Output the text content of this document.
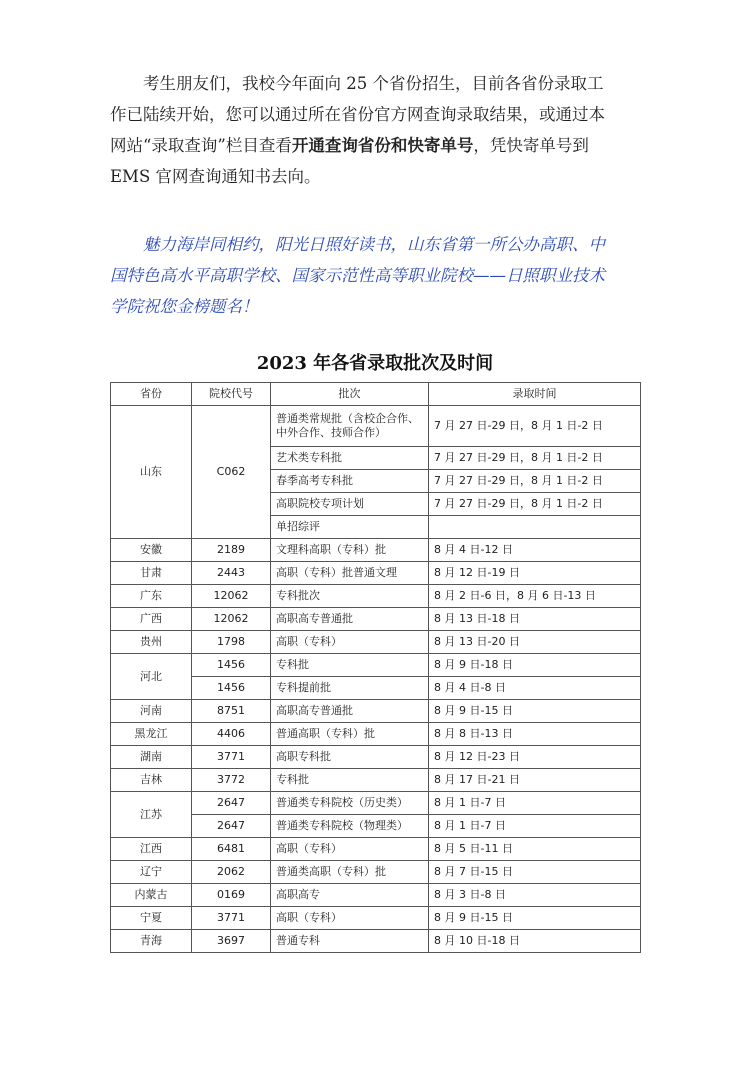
考生朋友们，我校今年面向 25 个省份招生，目前各省份录取工
作已陆续开始，您可以通过所在省份官方网查询录取结果，或通过本
网站“录取查询”栏目查看开通查询省份和快寄单号，凭快寄单号到
EMS 官网查询通知书去向。
魅力海岸同相约，阳光日照好读书，山东省第一所公办高职、中
国特色高水平高职学校、国家示范性高等职业院校——日照职业技术
学院祝您金榜题名！
2023 年各省录取批次及时间
省份	院校代号	批次	录取时间
山东	C062	普通类常规批（含校企合作、中外合作、技师合作）	7 月 27 日-29 日，8 月 1 日-2 日
		艺术类专科批	7 月 27 日-29 日，8 月 1 日-2 日
		春季高考专科批	7 月 27 日-29 日，8 月 1 日-2 日
		高职院校专项计划	7 月 27 日-29 日，8 月 1 日-2 日
		单招综评	
安徽	2189	文理科高职（专科）批	8 月 4 日-12 日
甘肃	2443	高职（专科）批普通文理	8 月 12 日-19 日
广东	12062	专科批次	8 月 2 日-6 日，8 月 6 日-13 日
广西	12062	高职高专普通批	8 月 13 日-18 日
贵州	1798	高职（专科）	8 月 13 日-20 日
河北	1456	专科批	8 月 9 日-18 日
	1456	专科提前批	8 月 4 日-8 日
河南	8751	高职高专普通批	8 月 9 日-15 日
黑龙江	4406	普通高职（专科）批	8 月 8 日-13 日
湖南	3771	高职专科批	8 月 12 日-23 日
吉林	3772	专科批	8 月 17 日-21 日
江苏	2647	普通类专科院校（历史类）	8 月 1 日-7 日
	2647	普通类专科院校（物理类）	8 月 1 日-7 日
江西	6481	高职（专科）	8 月 5 日-11 日
辽宁	2062	普通类高职（专科）批	8 月 7 日-15 日
内蒙古	0169	高职高专	8 月 3 日-8 日
宁夏	3771	高职（专科）	8 月 9 日-15 日
青海	3697	普通专科	8 月 10 日-18 日
